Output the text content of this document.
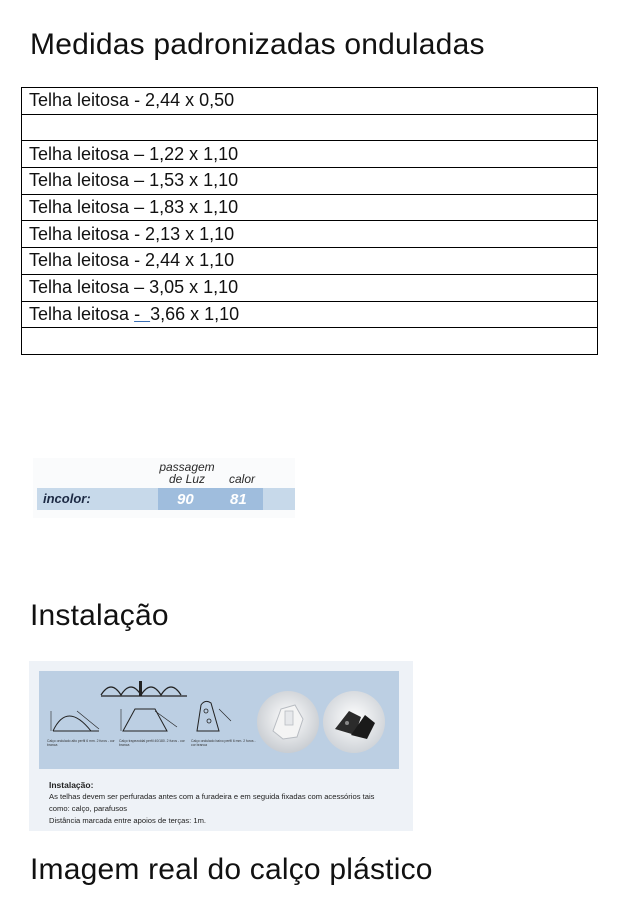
Medidas padronizadas onduladas
Telha leitosa - 2,44 x 0,50

Telha leitosa – 1,22 x 1,10
Telha leitosa – 1,53 x 1,10
Telha leitosa – 1,83 x 1,10
Telha leitosa - 2,13 x 1,10
Telha leitosa - 2,44 x 1,10
Telha leitosa – 3,05 x 1,10
Telha leitosa -  3,66 x 1,10

passagem
de Luz	calor
incolor:	90 81
Instalação
Calço ondulado alto perfil 6 mm. 2 furos - cor branca
Calço trapezoidal perfil 40/180. 2 furos - cor branca
Calço ondulado baixo perfil 6 mm. 2 furos - cor branca
Instalação:
As telhas devem ser perfuradas antes com a furadeira e em seguida fixadas com acessórios tais
como: calço, parafusos
Distância marcada entre apoios de terças: 1m.
Imagem real do calço plástico
